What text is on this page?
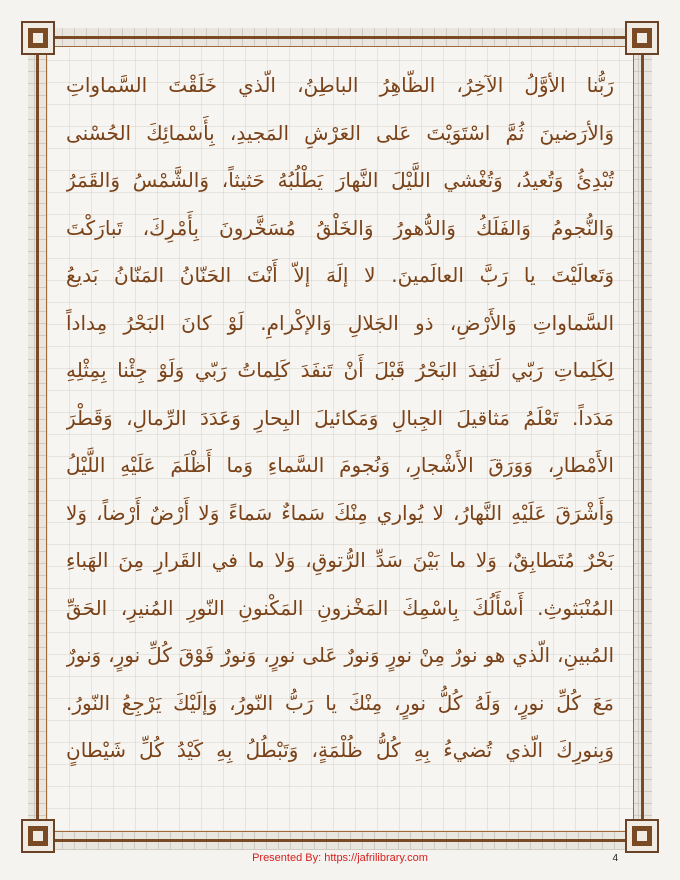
رَبُّنا الأوَّلُ الآخِرُ، الظّاهِرُ الباطِنُ، الّذي خَلَقْتَ السَّماواتِ
وَالأرَضينَ ثُمَّ اسْتَوَيْتَ عَلى العَرْشِ المَجيدِ، بِأَسْمائِكَ الحُسْنى
تُبْدِئُ وَتُعيدُ، وَتُغْشي اللَّيْلَ النَّهارَ يَطْلُبُهُ حَثيثاً، وَالشَّمْسُ وَالقَمَرُ
وَالنُّجومُ وَالفَلَكُ وَالدُّهورُ وَالخَلْقُ مُسَخَّرونَ بِأَمْرِكَ، تَبارَكْتَ
وَتَعالَيْتَ يا رَبَّ العالَمينَ. لا إلَهَ إلاّ أَنْتَ الحَنّانُ المَنّانُ بَديعُ
السَّماواتِ وَالأَرْضِ، ذو الجَلالِ وَالإكْرامِ. لَوْ كانَ البَحْرُ مِداداً
لِكَلِماتِ رَبّي لَنَفِدَ البَحْرُ قَبْلَ أَنْ تَنفَدَ كَلِماتُ رَبّي وَلَوْ جِئْنا بِمِثْلِهِ
مَدَداً. تَعْلَمُ مَثاقيلَ الجِبالِ وَمَكائيلَ البِحارِ وَعَدَدَ الرِّمالِ، وَقَطْرَ
الأَمْطارِ، وَوَرَقَ الأَشْجارِ، وَنُجومَ السَّماءِ وَما أَظْلَمَ عَلَيْهِ اللَّيْلُ
وَأَشْرَقَ عَلَيْهِ النَّهارُ، لا يُواري مِنْكَ سَماءٌ سَماءً وَلا أَرْضٌ أَرْضاً، وَلا
بَحْرٌ مُتَطابِقٌ، وَلا ما بَيْنَ سَدِّ الرُّتوقِ، وَلا ما في القَرارِ مِنَ الهَباءِ
المُنْبَثوثِ. أَسْأَلُكَ بِاسْمِكَ المَخْزونِ المَكْنونِ النّورِ المُنيرِ، الحَقِّ
المُبينِ، الّذي هو نورٌ مِنْ نورٍ وَنورٌ عَلى نورٍ، وَنورٌ فَوْقَ كُلِّ نورٍ، وَنورٌ
مَعَ كُلِّ نورٍ، وَلَهُ كُلُّ نورٍ، مِنْكَ يا رَبُّ النّورُ، وَإلَيْكَ يَرْجِعُ النّورُ.
وَبِنورِكَ الّذي تُضيءُ بِهِ كُلُّ ظُلْمَةٍ، وَتَبْطُلُ بِهِ كَيْدُ كُلِّ شَيْطانٍ
Presented By: https://jafrilibrary.com	4
